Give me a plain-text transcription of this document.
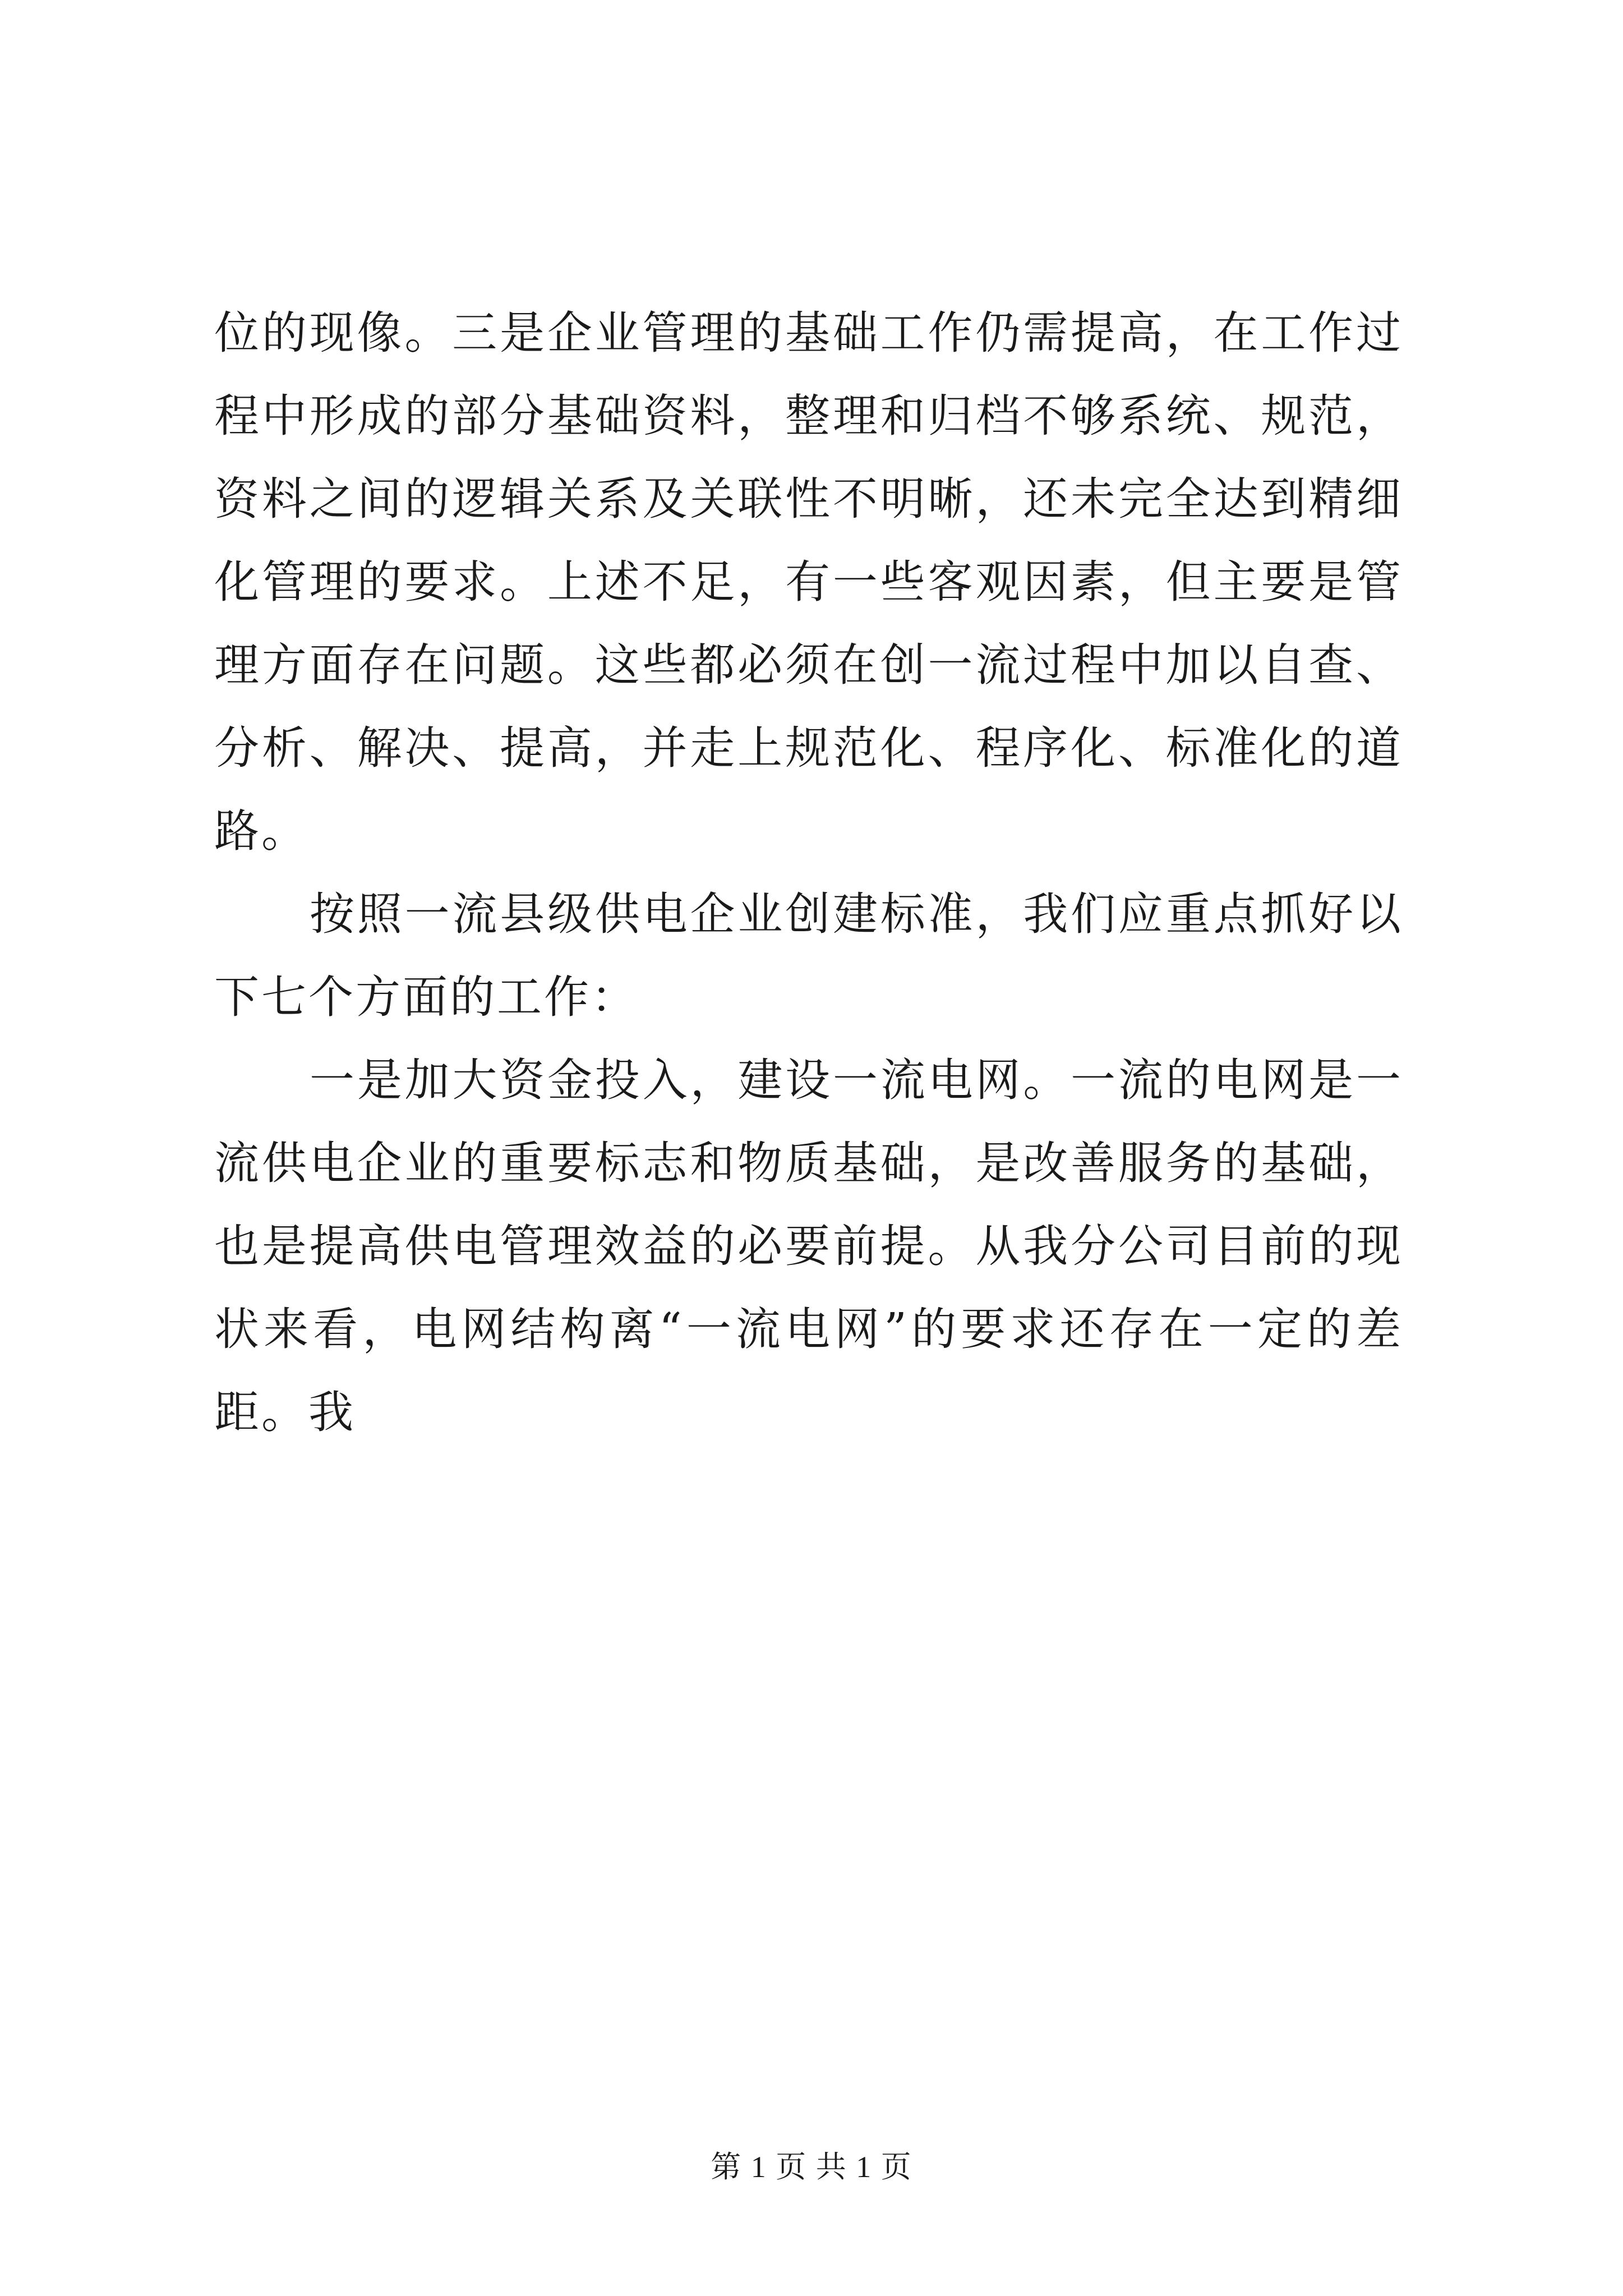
位的现像。三是企业管理的基础工作仍需提高，在工作过程中形成的部分基础资料，整理和归档不够系统、规范，资料之间的逻辑关系及关联性不明晰，还未完全达到精细化管理的要求。上述不足，有一些客观因素，但主要是管理方面存在问题。这些都必须在创一流过程中加以自查、分析、解决、提高，并走上规范化、程序化、标准化的道路。

按照一流县级供电企业创建标准，我们应重点抓好以下七个方面的工作：

一是加大资金投入，建设一流电网。一流的电网是一流供电企业的重要标志和物质基础，是改善服务的基础，也是提高供电管理效益的必要前提。从我分公司目前的现状来看，电网结构离“一流电网”的要求还存在一定的差距。我

第 1 页 共 1 页
